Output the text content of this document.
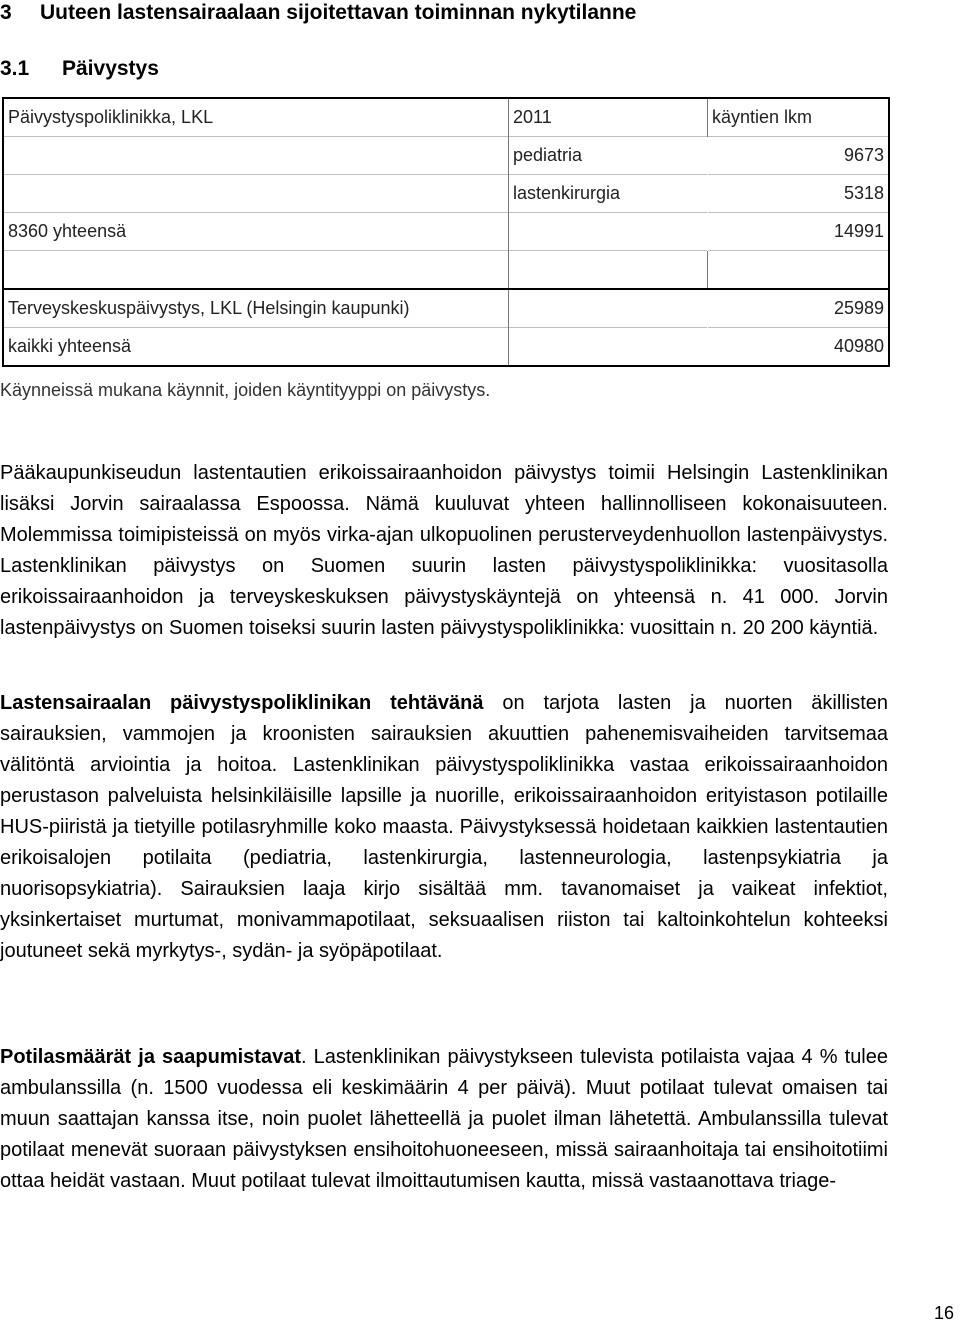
3 Uuteen lastensairaalaan sijoitettavan toiminnan nykytilanne
3.1 Päivystys
Päivystyspoliklinikka, LKL	2011	käyntien lkm
	pediatria	9673
	lastenkirurgia	5318
8360 yhteensä		14991

Terveyskeskuspäivystys, LKL (Helsingin kaupunki)		25989
kaikki yhteensä		40980
Käynneissä mukana käynnit, joiden käyntityyppi on päivystys.

Pääkaupunkiseudun lastentautien erikoissairaanhoidon päivystys toimii Helsingin Lastenklinikan lisäksi Jorvin sairaalassa Espoossa. Nämä kuuluvat yhteen hallinnolliseen kokonaisuuteen. Molemmissa toimipisteissä on myös virka-ajan ulkopuolinen perusterveydenhuollon lastenpäivystys. Lastenklinikan päivystys on Suomen suurin lasten päivystyspoliklinikka: vuositasolla erikoissairaanhoidon ja terveyskeskuksen päivystyskäyntejä on yhteensä n. 41 000. Jorvin lastenpäivystys on Suomen toiseksi suurin lasten päivystyspoliklinikka: vuosittain n. 20 200 käyntiä.

Lastensairaalan päivystyspoliklinikan tehtävänä on tarjota lasten ja nuorten äkillisten sairauksien, vammojen ja kroonisten sairauksien akuuttien pahenemisvaiheiden tarvitsemaa välitöntä arviointia ja hoitoa. Lastenklinikan päivystyspoliklinikka vastaa erikoissairaanhoidon perustason palveluista helsinkiläisille lapsille ja nuorille, erikoissairaanhoidon erityistason potilaille HUS-piiristä ja tietyille potilasryhmille koko maasta. Päivystyksessä hoidetaan kaikkien lastentautien erikoisalojen potilaita (pediatria, lastenkirurgia, lastenneurologia, lastenpsykiatria ja nuorisopsykiatria). Sairauksien laaja kirjo sisältää mm. tavanomaiset ja vaikeat infektiot, yksinkertaiset murtumat, monivammapotilaat, seksuaalisen riiston tai kaltoinkohtelun kohteeksi joutuneet sekä myrkytys-, sydän- ja syöpäpotilaat.

Potilasmäärät ja saapumistavat. Lastenklinikan päivystykseen tulevista potilaista vajaa 4 % tulee ambulanssilla (n. 1500 vuodessa eli keskimäärin 4 per päivä). Muut potilaat tulevat omaisen tai muun saattajan kanssa itse, noin puolet lähetteellä ja puolet ilman lähetettä. Ambulanssilla tulevat potilaat menevät suoraan päivystyksen ensihoitohuoneeseen, missä sairaanhoitaja tai ensihoitotiimi ottaa heidät vastaan. Muut potilaat tulevat ilmoittautumisen kautta, missä vastaanottava triage-

16
